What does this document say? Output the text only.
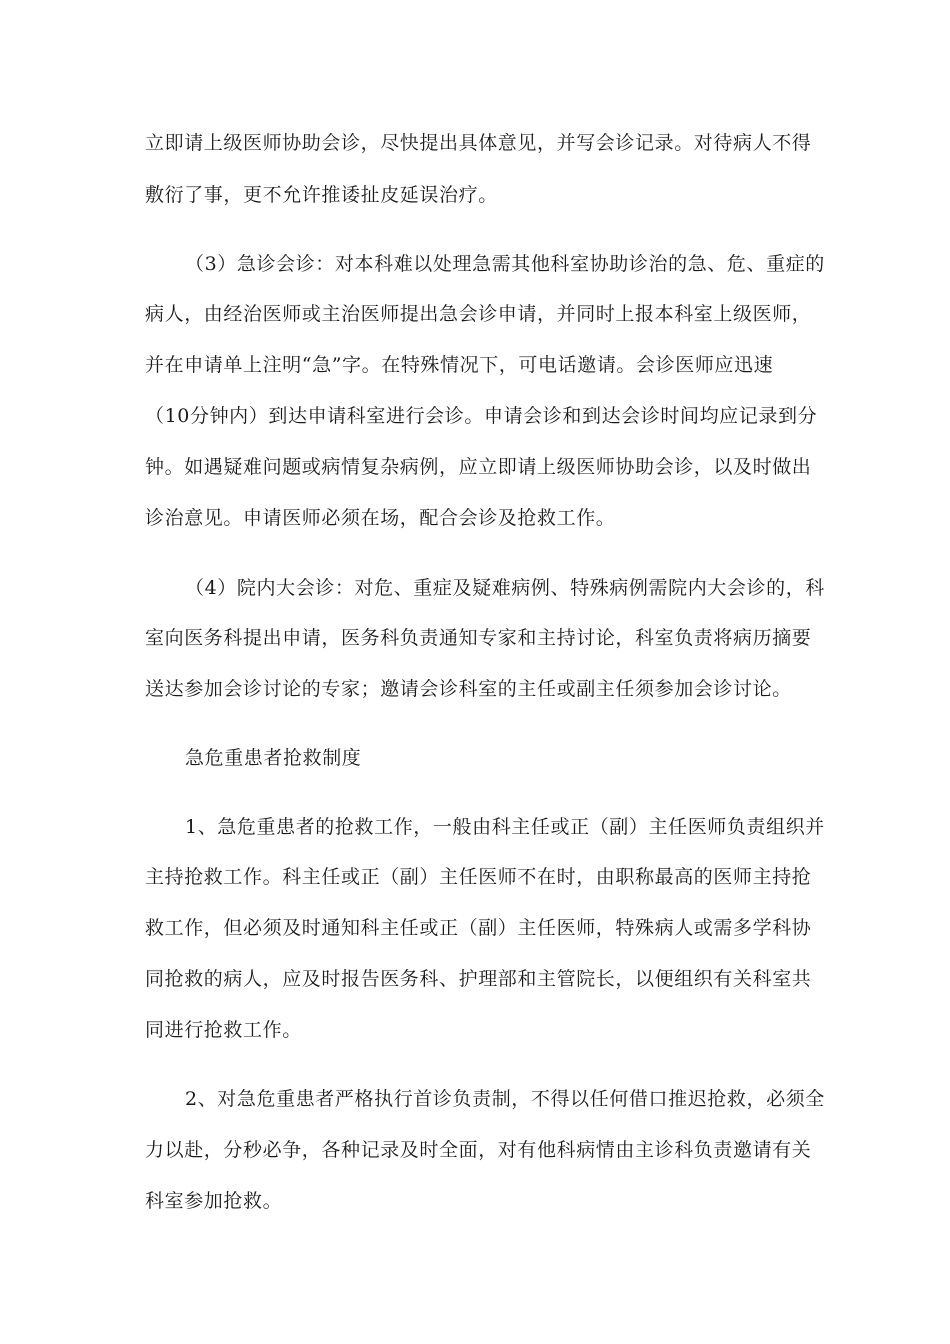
立即请上级医师协助会诊，尽快提出具体意见，并写会诊记录。对待病人不得
敷衍了事，更不允许推诿扯皮延误治疗。
（3）急诊会诊：对本科难以处理急需其他科室协助诊治的急、危、重症的
病人，由经治医师或主治医师提出急会诊申请，并同时上报本科室上级医师，
并在申请单上注明“急”字。在特殊情况下，可电话邀请。会诊医师应迅速
（10分钟内）到达申请科室进行会诊。申请会诊和到达会诊时间均应记录到分
钟。如遇疑难问题或病情复杂病例，应立即请上级医师协助会诊，以及时做出
诊治意见。申请医师必须在场，配合会诊及抢救工作。
（4）院内大会诊：对危、重症及疑难病例、特殊病例需院内大会诊的，科
室向医务科提出申请，医务科负责通知专家和主持讨论，科室负责将病历摘要
送达参加会诊讨论的专家；邀请会诊科室的主任或副主任须参加会诊讨论。
急危重患者抢救制度
1、急危重患者的抢救工作，一般由科主任或正（副）主任医师负责组织并
主持抢救工作。科主任或正（副）主任医师不在时，由职称最高的医师主持抢
救工作，但必须及时通知科主任或正（副）主任医师，特殊病人或需多学科协
同抢救的病人，应及时报告医务科、护理部和主管院长，以便组织有关科室共
同进行抢救工作。
2、对急危重患者严格执行首诊负责制，不得以任何借口推迟抢救，必须全
力以赴，分秒必争，各种记录及时全面，对有他科病情由主诊科负责邀请有关
科室参加抢救。
